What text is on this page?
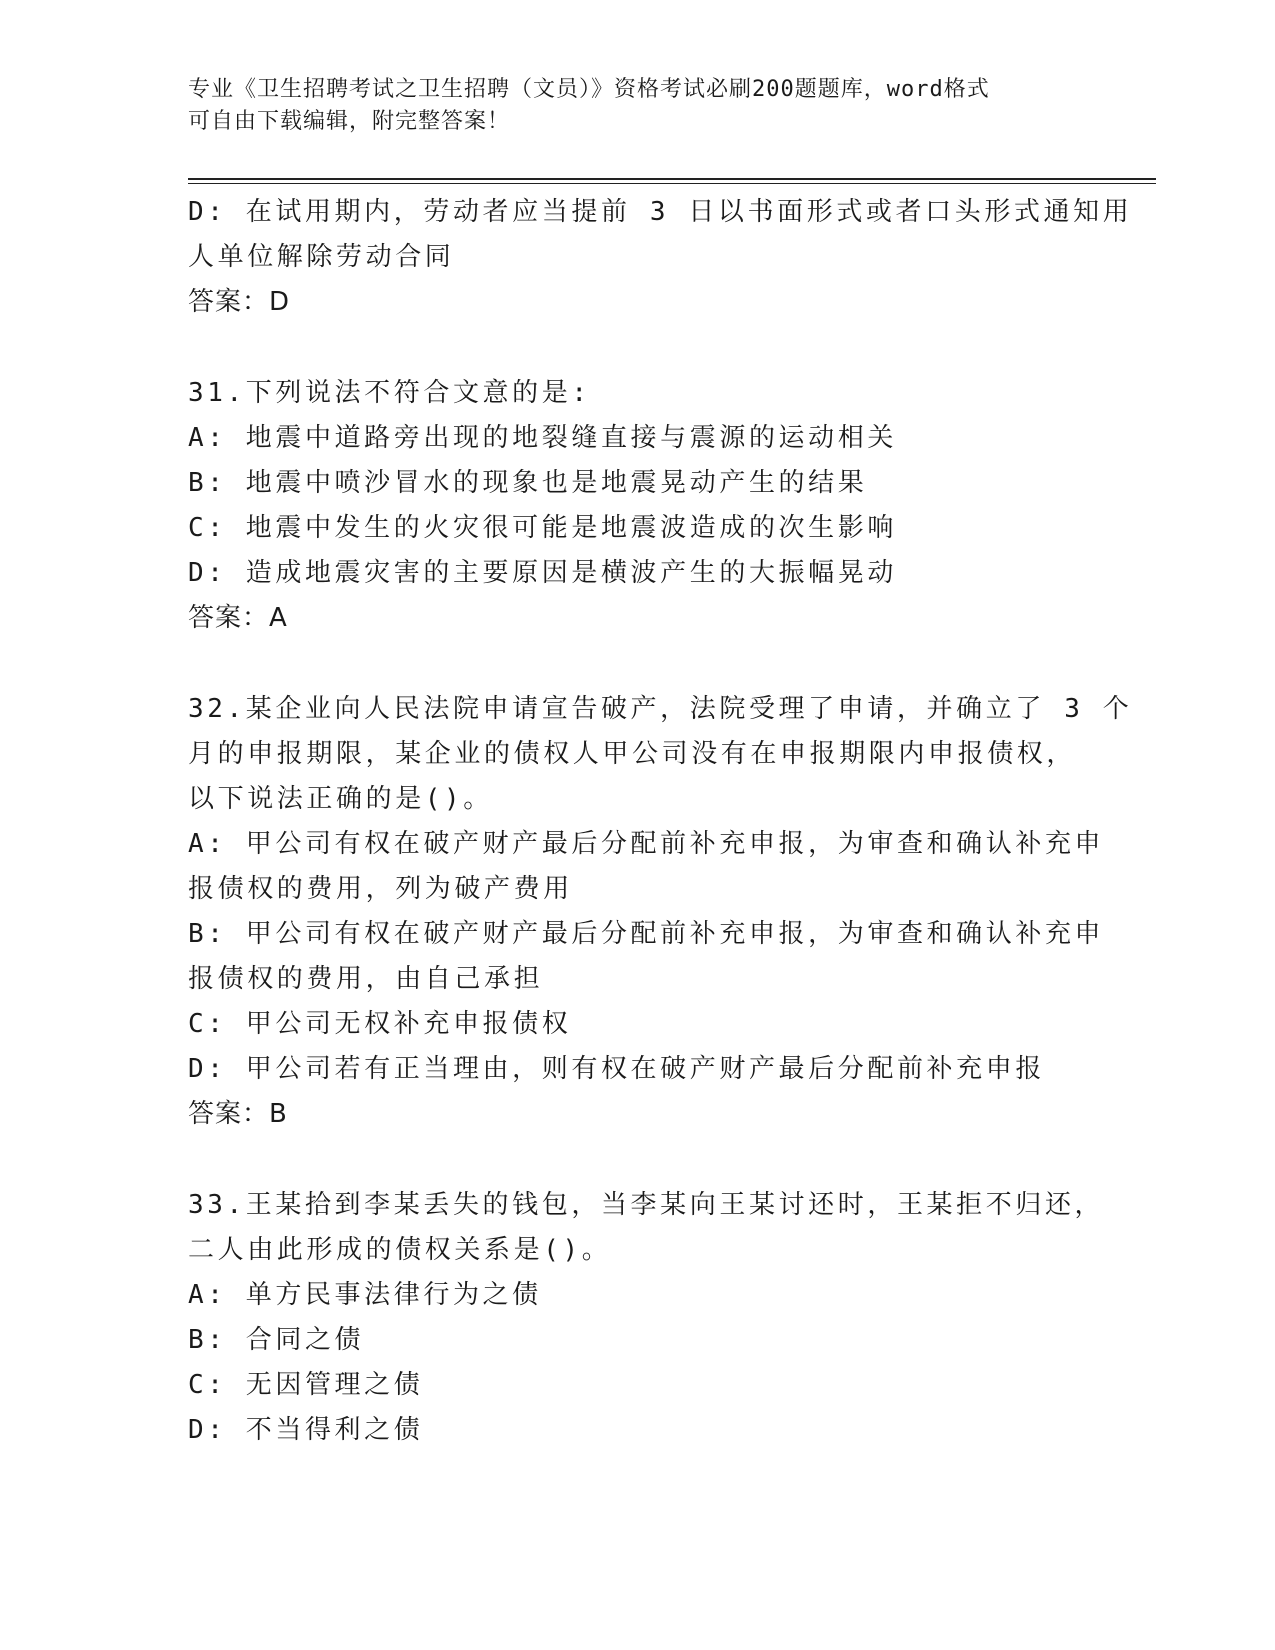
专业《卫生招聘考试之卫生招聘（文员）》资格考试必刷200题题库，word格式
可自由下载编辑，附完整答案！
D: 在试用期内，劳动者应当提前 3 日以书面形式或者口头形式通知用
人单位解除劳动合同
答案：D
31.下列说法不符合文意的是:
A: 地震中道路旁出现的地裂缝直接与震源的运动相关
B: 地震中喷沙冒水的现象也是地震晃动产生的结果
C: 地震中发生的火灾很可能是地震波造成的次生影响
D: 造成地震灾害的主要原因是横波产生的大振幅晃动
答案：A
32.某企业向人民法院申请宣告破产，法院受理了申请，并确立了 3 个
月的申报期限，某企业的债权人甲公司没有在申报期限内申报债权，
以下说法正确的是()。
A: 甲公司有权在破产财产最后分配前补充申报，为审查和确认补充申
报债权的费用，列为破产费用
B: 甲公司有权在破产财产最后分配前补充申报，为审查和确认补充申
报债权的费用，由自己承担
C: 甲公司无权补充申报债权
D: 甲公司若有正当理由，则有权在破产财产最后分配前补充申报
答案：B
33.王某拾到李某丢失的钱包，当李某向王某讨还时，王某拒不归还，
二人由此形成的债权关系是()。
A: 单方民事法律行为之债
B: 合同之债
C: 无因管理之债
D: 不当得利之债
